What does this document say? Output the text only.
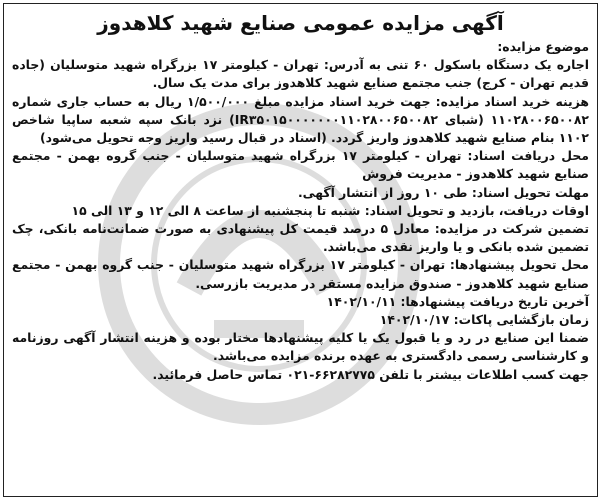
آگهی مزایده عمومی صنایع شهید کلاهدوز

موضوع مزایده:

اجاره یک دستگاه باسکول ۶۰ تنی به آدرس: تهران - کیلومتر ۱۷ بزرگراه شهید متوسلیان (جاده قدیم تهران - کرج) جنب مجتمع صنایع شهید کلاهدوز برای مدت یک سال.

هزینه خرید اسناد مزایده: جهت خرید اسناد مزایده مبلغ ۱/۵۰۰/۰۰۰ ریال به حساب جاری شماره ۱۱۰۲۸۰۰۶۵۰۰۸۲ (شبای IR۳۵۰۱۵۰۰۰۰۰۰۰۱۱۰۲۸۰۰۶۵۰۰۸۲) نزد بانک سپه شعبه ساپیا شاخص ۱۱۰۲ بنام صنایع شهید کلاهدوز واریز گردد. (اسناد در قبال رسید واریز وجه تحویل می‌شود)

محل دریافت اسناد: تهران - کیلومتر ۱۷ بزرگراه شهید متوسلیان - جنب گروه بهمن - مجتمع صنایع شهید کلاهدوز - مدیریت فروش

مهلت تحویل اسناد: طی ۱۰ روز از انتشار آگهی.

اوقات دریافت، بازدید و تحویل اسناد: شنبه تا پنجشنبه از ساعت ۸ الی ۱۲ و ۱۳ الی ۱۵

تضمین شرکت در مزایده: معادل ۵ درصد قیمت کل پیشنهادی به صورت ضمانت‌نامه بانکی، چک تضمین شده بانکی و یا واریز نقدی می‌باشد.

محل تحویل پیشنهادها: تهران - کیلومتر ۱۷ بزرگراه شهید متوسلیان - جنب گروه بهمن - مجتمع صنایع شهید کلاهدوز - صندوق مزایده مستقر در مدیریت بازرسی.

آخرین تاریخ دریافت پیشنهادها: ۱۴۰۲/۱۰/۱۱

زمان بازگشایی پاکات: ۱۴۰۲/۱۰/۱۷

ضمنا این صنایع در رد و یا قبول یک یا کلیه پیشنهادها مختار بوده و هزینه انتشار آگهی روزنامه و کارشناسی رسمی دادگستری به عهده برنده مزایده می‌باشد.

جهت کسب اطلاعات بیشتر با تلفن ۶۶۲۸۲۷۷۵-۰۲۱ تماس حاصل فرمائید.
